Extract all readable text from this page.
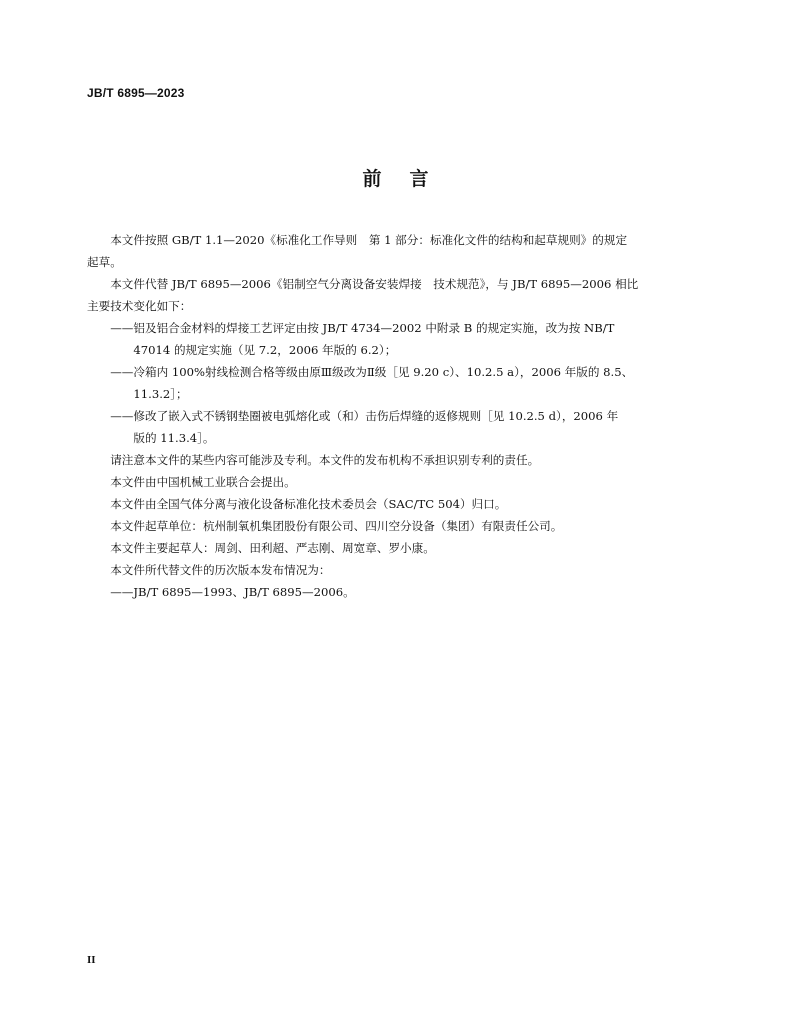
JB/T 6895—2023
前言
本文件按照 GB/T 1.1—2020《标准化工作导则　第 1 部分：标准化文件的结构和起草规则》的规定
起草。
本文件代替 JB/T 6895—2006《铝制空气分离设备安装焊接　技术规范》，与 JB/T 6895—2006 相比
主要技术变化如下：
——铝及铝合金材料的焊接工艺评定由按 JB/T 4734—2002 中附录 B 的规定实施，改为按 NB/T
47014 的规定实施（见 7.2，2006 年版的 6.2）；
——冷箱内 100%射线检测合格等级由原Ⅲ级改为Ⅱ级［见 9.20 c）、10.2.5 a），2006 年版的 8.5、
11.3.2］；
——修改了嵌入式不锈钢垫圈被电弧熔化或（和）击伤后焊缝的返修规则［见 10.2.5 d），2006 年
版的 11.3.4］。

请注意本文件的某些内容可能涉及专利。本文件的发布机构不承担识别专利的责任。

本文件由中国机械工业联合会提出。

本文件由全国气体分离与液化设备标准化技术委员会（SAC/TC 504）归口。

本文件起草单位：杭州制氧机集团股份有限公司、四川空分设备（集团）有限责任公司。

本文件主要起草人：周剑、田利超、严志刚、周宽章、罗小康。

本文件所代替文件的历次版本发布情况为：

——JB/T 6895—1993、JB/T 6895—2006。
II
